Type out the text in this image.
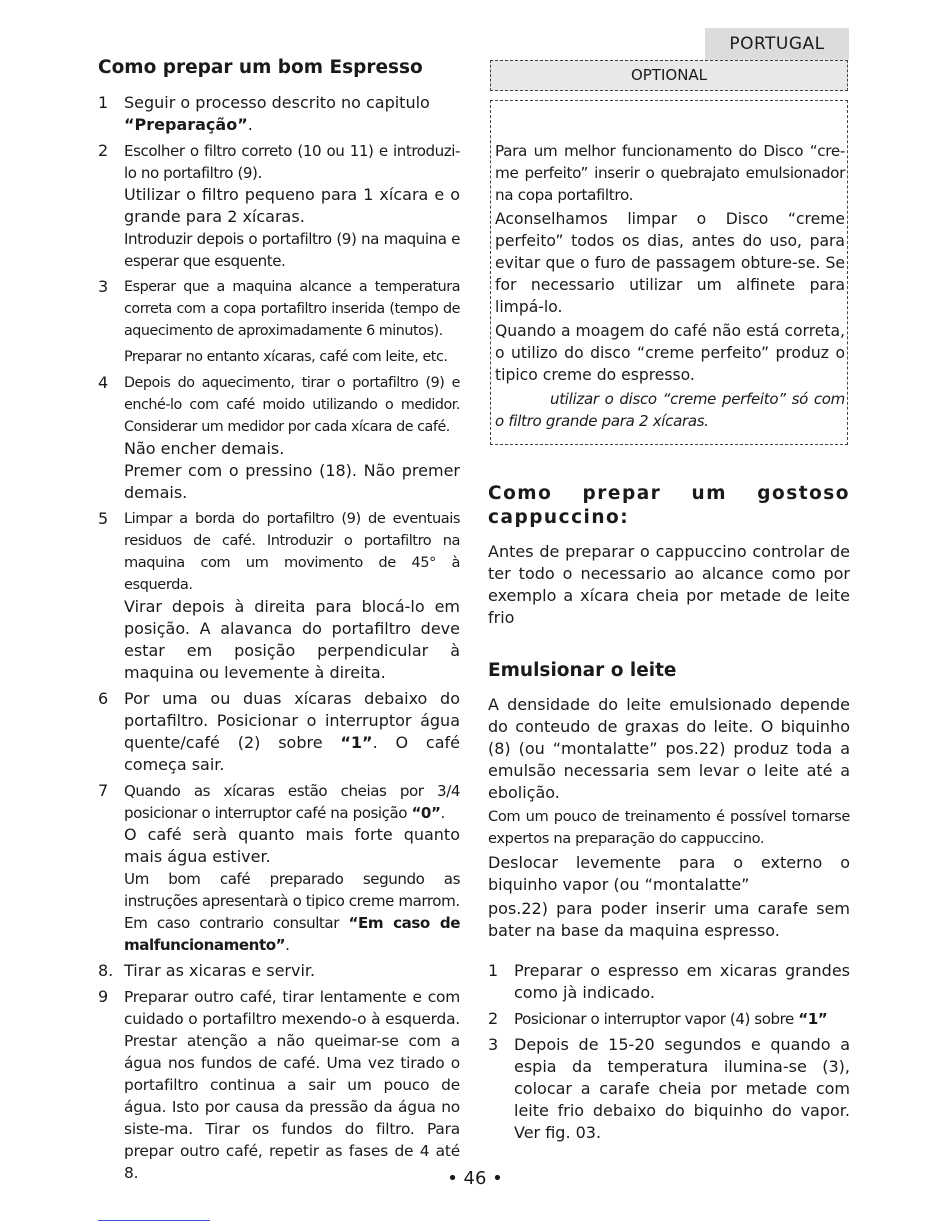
PORTUGAL
Como prepar um bom Espresso
1 Seguir o processo descrito no capitulo
“Preparação”.

2 Escolher o filtro correto (10 ou 11) e introduzi-lo no portafiltro (9).

Utilizar o filtro pequeno para 1 xícara e o grande para 2 xícaras.

Introduzir depois o portafiltro (9) na maquina e esperar que esquente.

3 Esperar que a maquina alcance a temperatura correta com a copa portafiltro inserida (tempo de aquecimento de aproximadamente 6 minutos).

Preparar no entanto xícaras, café com leite, etc.

4 Depois do aquecimento, tirar o portafiltro (9) e enché-lo com café moido utilizando o medidor. Considerar um medidor por cada xícara de café.

Não encher demais.

Premer com o pressino (18). Não premer demais.

5 Limpar a borda do portafiltro (9) de eventuais residuos de café. Introduzir o portafiltro na maquina com um movimento de 45° à esquerda.

Virar depois à direita para blocá-lo em posição. A alavanca do portafiltro deve estar em posição perpendicular à maquina ou levemente à direita.

6 Por uma ou duas xícaras debaixo do portafiltro. Posicionar o interruptor água quente/café (2) sobre “1”. O café começa sair.

7 Quando as xícaras estão cheias por 3/4 posicionar o interruptor café na posição “0”.

O café serà quanto mais forte quanto mais água estiver.

Um bom café preparado segundo as instruções apresentarà o tipico creme marrom.

Em caso contrario consultar “Em caso de malfuncionamento”.

8. Tirar as xicaras e servir.

9 Preparar outro café, tirar lentamente e com cuidado o portafiltro mexendo-o à esquerda. Prestar atenção a não queimar-se com a água nos fundos de café. Uma vez tirado o portafiltro continua a sair um pouco de água. Isto por causa da pressão da água no siste-ma. Tirar os fundos do filtro. Para prepar outro café, repetir as fases de 4 até 8.

OPTIONAL

Para um melhor funcionamento do Disco “cre-me perfeito” inserir o quebrajato emulsionador na copa portafiltro.

Aconselhamos limpar o Disco “creme perfeito” todos os dias, antes do uso, para evitar que o furo de passagem obture-se. Se for necessario utilizar um alfinete para limpá-lo.

Quando a moagem do café não está correta, o utilizo do disco “creme perfeito” produz o tipico creme do espresso.

utilizar o disco “creme perfeito” só com o filtro grande para 2 xícaras.

Como prepar um gostoso cappuccino:

Antes de preparar o cappuccino controlar de ter todo o necessario ao alcance como por exemplo a xícara cheia por metade de leite frio

Emulsionar o leite

A densidade do leite emulsionado depende do conteudo de graxas do leite. O biquinho (8) (ou “montalatte” pos.22) produz toda a emulsão necessaria sem levar o leite até a ebolição.

Com um pouco de treinamento é possível tornarse expertos na preparação do cappuccino.

Deslocar levemente para o externo o biquinho vapor (ou “montalatte”

pos.22) para poder inserir uma carafe sem bater na base da maquina espresso.

1 Preparar o espresso em xicaras grandes como jà indicado.

2 Posicionar o interruptor vapor (4) sobre “1”

3 Depois de 15-20 segundos e quando a espia da temperatura ilumina-se (3), colocar a carafe cheia por metade com leite frio debaixo do biquinho do vapor. Ver fig. 03.

• 46 •
